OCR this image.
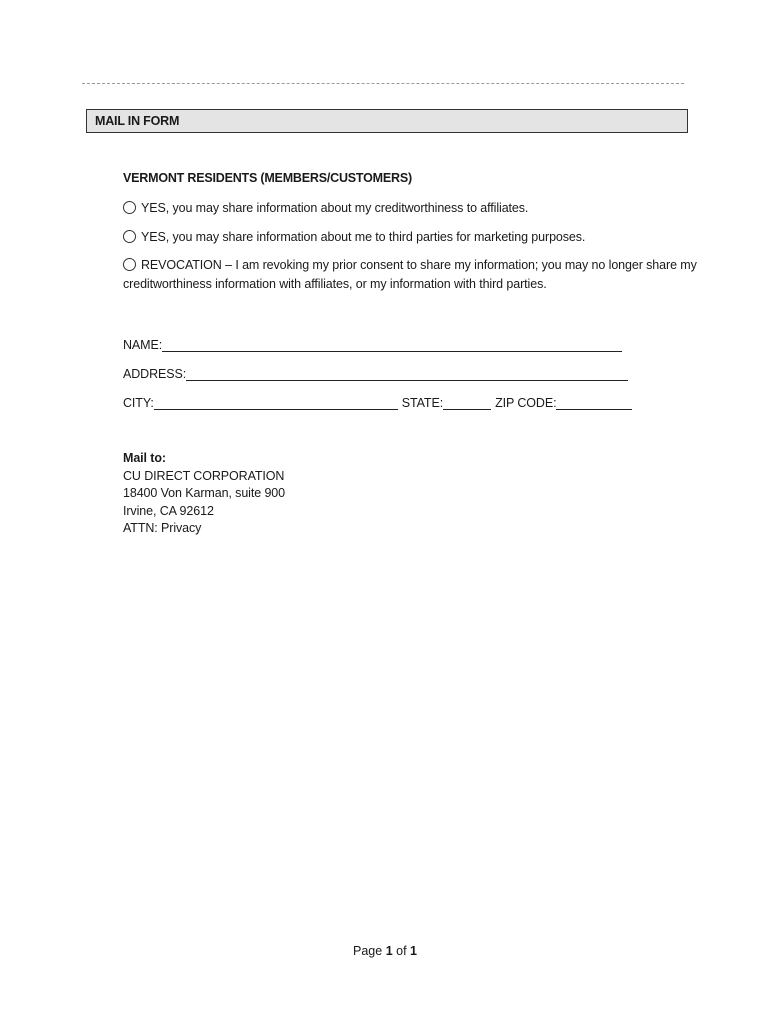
MAIL IN FORM
VERMONT RESIDENTS (MEMBERS/CUSTOMERS)
YES, you may share information about my creditworthiness to affiliates.
YES, you may share information about me to third parties for marketing purposes.
REVOCATION – I am revoking my prior consent to share my information; you may no longer share my creditworthiness information with affiliates, or my information with third parties.
NAME:
ADDRESS:
CITY:	STATE:	ZIP CODE:
Mail to:
CU DIRECT CORPORATION
18400 Von Karman, suite 900
Irvine, CA 92612
ATTN: Privacy
Page 1 of 1
